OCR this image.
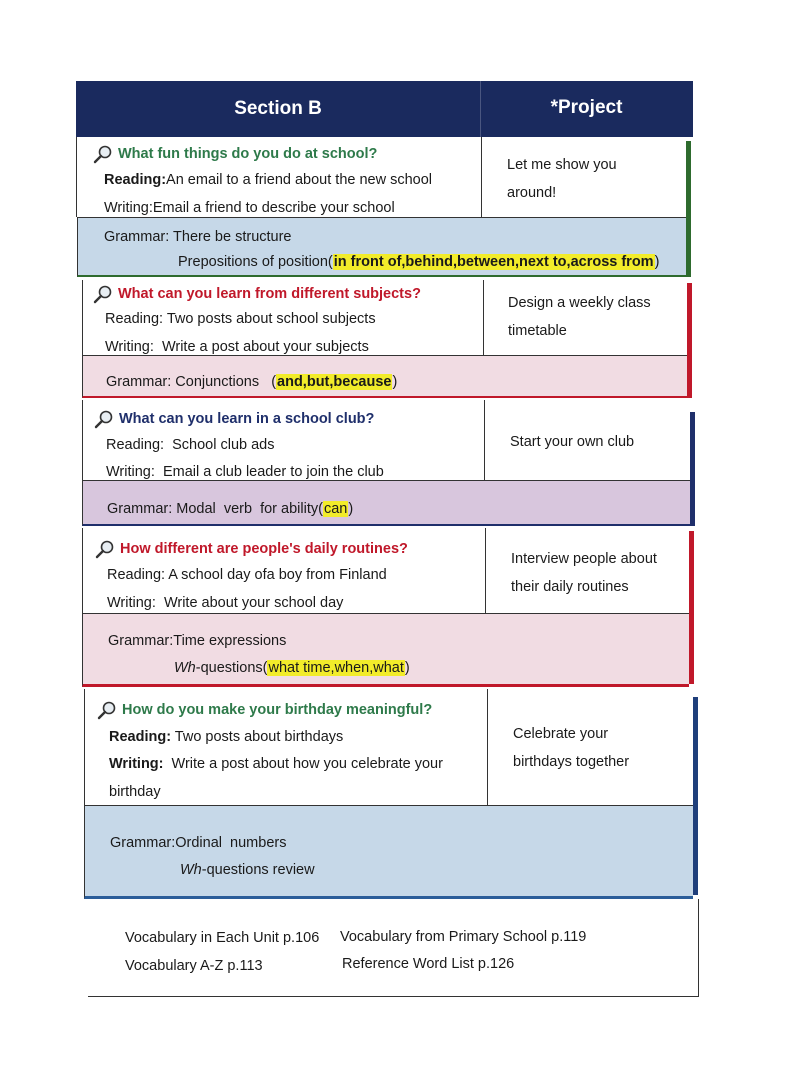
Section B	*Project
What fun things do you do at school?
Reading:An email to a friend about the new school
Writing:Email a friend to describe your school
Let me show you
around!
Grammar: There be structure
Prepositions of position(in front of,behind,between,next to,across from)
What can you learn from different subjects?
Reading: Two posts about school subjects
Writing:  Write a post about your subjects
Design a weekly class
timetable
Grammar: Conjunctions   (and,but,because)
What can you learn in a school club?
Reading:  School club ads
Writing:  Email a club leader to join the club
Start your own club
Grammar: Modal  verb  for ability(can)
How different are people's daily routines?
Reading: A school day ofa boy from Finland
Writing:  Write about your school day
Interview people about
their daily routines
Grammar:Time expressions
Wh-questions(what time,when,what)
How do you make your birthday meaningful?
Reading: Two posts about birthdays
Writing:  Write a post about how you celebrate your
birthday
Celebrate your
birthdays together
Grammar:Ordinal  numbers
Wh-questions review
Vocabulary in Each Unit p.106
Vocabulary A-Z p.113
Vocabulary from Primary School p.119
Reference Word List p.126
